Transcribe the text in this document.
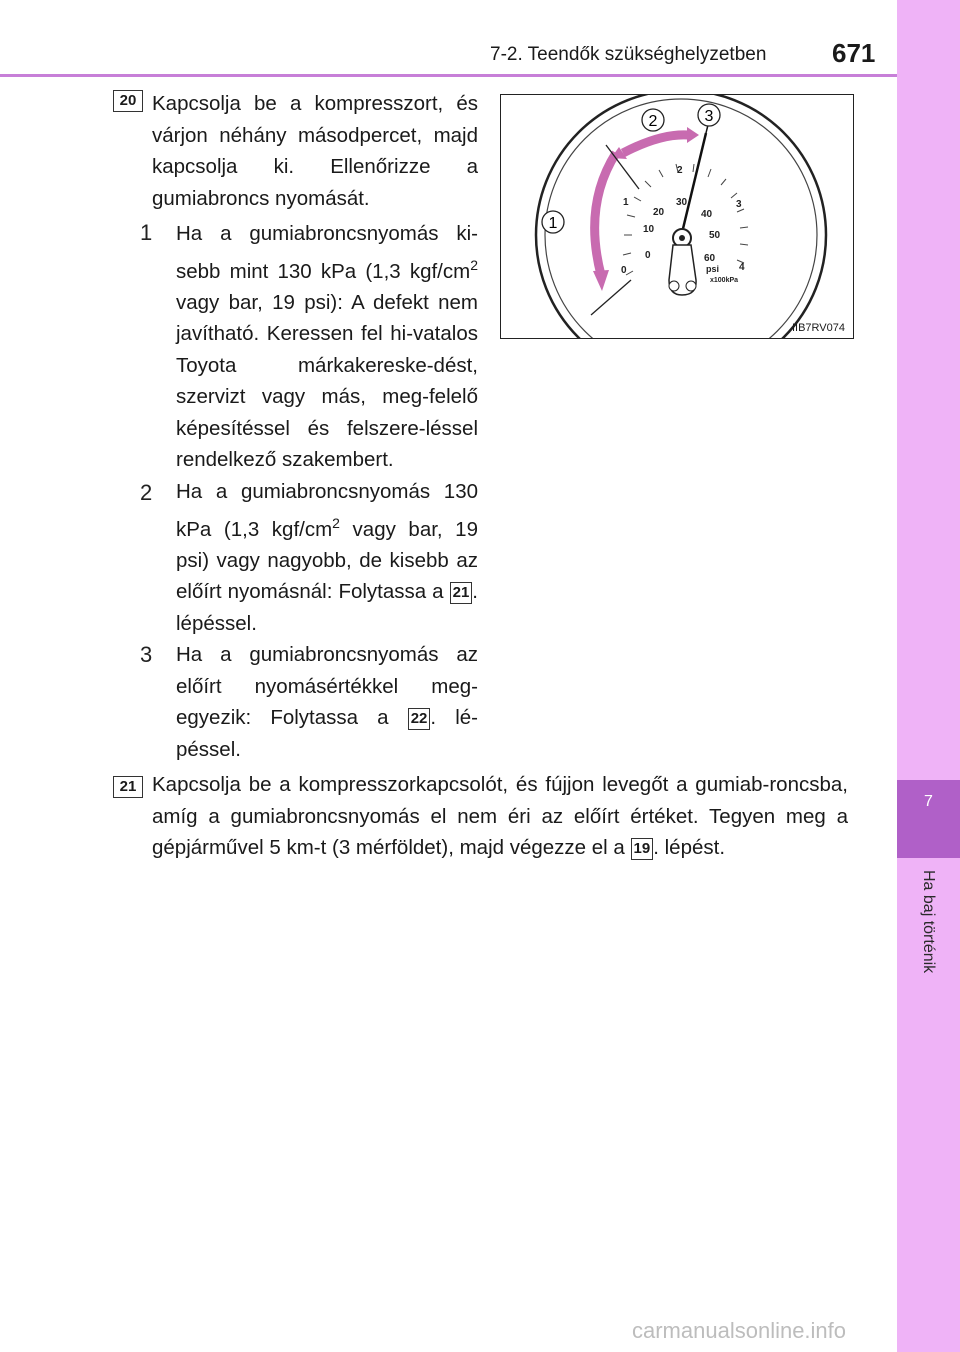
7-2. Teendők szükséghelyzetben	671
7
Ha baj történik
20 Kapcsolja be a kompresszort, és várjon néhány másodpercet, majd kapcsolja ki. Ellenőrizze a gumiabroncs nyomását.
1 Ha a gumiabroncsnyomás ki-sebb mint 130 kPa (1,3 kgf/$cm^2$ vagy bar, 19 psi): A defekt nem javítható. Keressen fel hi-vatalos Toyota márkakereske-dést, szervizt vagy más, meg-felelő képesítéssel és felszere-léssel rendelkező szakembert.
2 Ha a gumiabroncsnyomás 130 kPa (1,3 kgf/$cm^2$ vagy bar, 19 psi) vagy nagyobb, de kisebb az előírt nyomásnál: Folytassa a 21 . lépéssel.
3 Ha a gumiabroncsnyomás az előírt nyomásértékkel meg-egyezik: Folytassa a 22 . lé-péssel.
21 Kapcsolja be a kompresszorkapcsolót, és fújjon levegőt a gumiab-roncsba, amíg a gumiabroncsnyomás el nem éri az előírt értéket. Tegyen meg a gépjárművel 5 km-t (3 mérföldet), majd végezze el a 19 . lépést.
1
2	3
0
1
2
3
4
0
10
20
30
40
50
60
psi
x100kPa
IIB7RV074
carmanualsonline.info
